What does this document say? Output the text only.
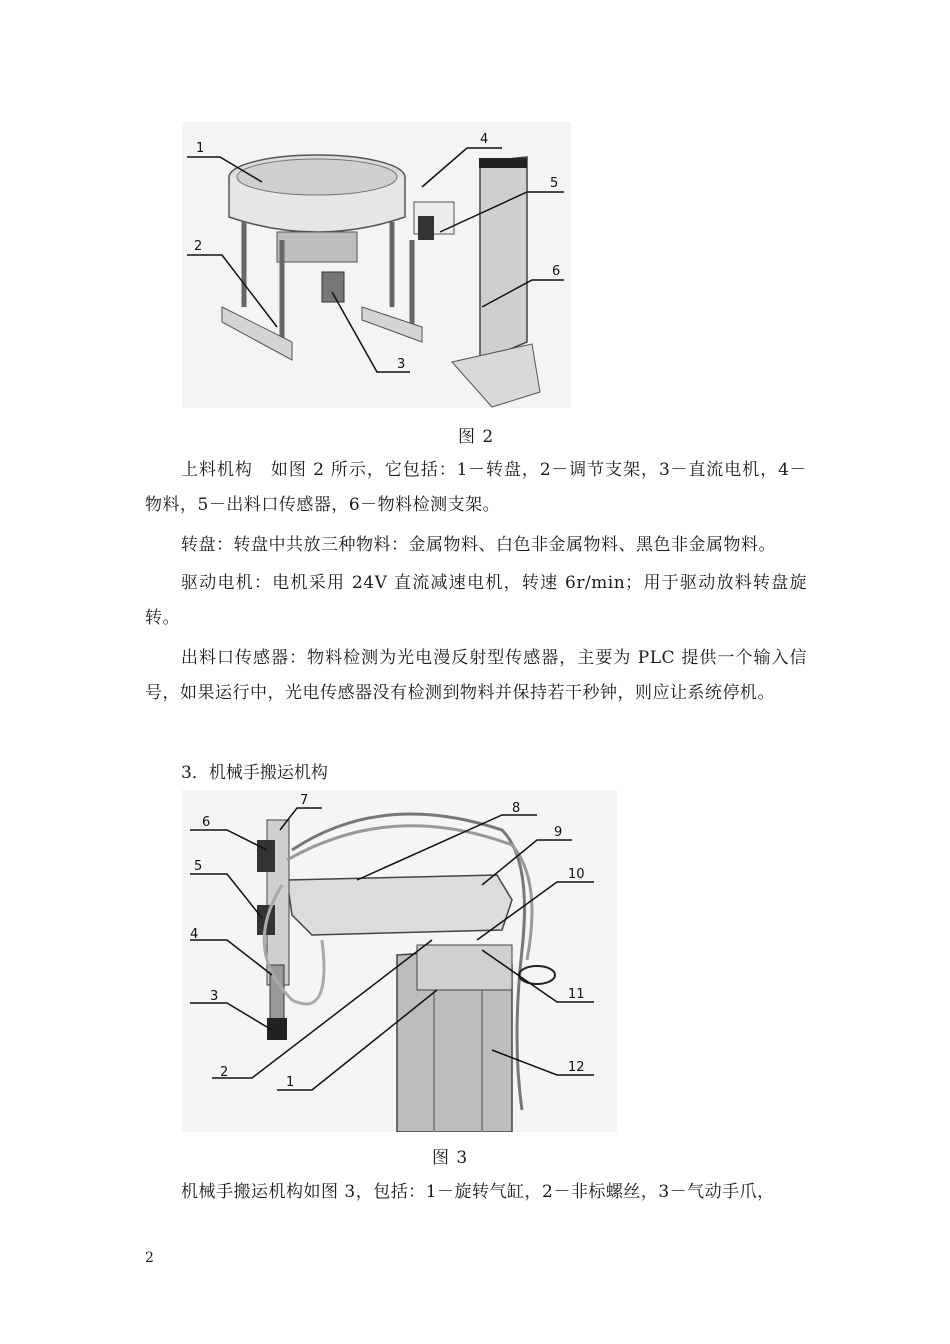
1
2
3
4
5
6
图 2
上料机构　如图 2 所示，它包括：1－转盘，2－调节支架，3－直流电机，4－物料，5－出料口传感器，6－物料检测支架。
转盘：转盘中共放三种物料：金属物料、白色非金属物料、黑色非金属物料。
驱动电机：电机采用 24V 直流减速电机，转速 6r/min；用于驱动放料转盘旋转。
出料口传感器：物料检测为光电漫反射型传感器，主要为 PLC 提供一个输入信号，如果运行中，光电传感器没有检测到物料并保持若干秒钟，则应让系统停机。
3．机械手搬运机构
3
2
1
4
5
6
7
8
9
10
11
12
图 3
机械手搬运机构如图 3，包括：1－旋转气缸，2－非标螺丝，3－气动手爪，
2
